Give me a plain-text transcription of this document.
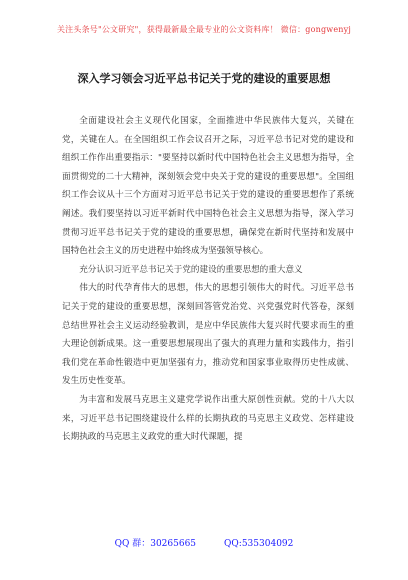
关注头条号"公文研究"，获得最新最全最专业的公文资料库！ 微信：gongwenyj
深入学习领会习近平总书记关于党的建设的重要思想

全面建设社会主义现代化国家，全面推进中华民族伟大复兴，关键在党，关键在人。在全国组织工作会议召开之际，习近平总书记对党的建设和组织工作作出重要指示："要坚持以新时代中国特色社会主义思想为指导，全面贯彻党的二十大精神，深刻领会党中央关于党的建设的重要思想"。全国组织工作会议从十三个方面对习近平总书记关于党的建设的重要思想作了系统阐述。我们要坚持以习近平新时代中国特色社会主义思想为指导，深入学习贯彻习近平总书记关于党的建设的重要思想，确保党在新时代坚持和发展中国特色社会主义的历史进程中始终成为坚强领导核心。

充分认识习近平总书记关于党的建设的重要思想的重大意义

伟大的时代孕育伟大的思想，伟大的思想引领伟大的时代。习近平总书记关于党的建设的重要思想，深刻回答管党治党、兴党强党时代答卷，深刻总结世界社会主义运动经验教训，是应中华民族伟大复兴时代要求而生的重大理论创新成果。这一重要思想展现出了强大的真理力量和实践伟力，指引我们党在革命性锻造中更加坚强有力，推动党和国家事业取得历史性成就、发生历史性变革。

为丰富和发展马克思主义建党学说作出重大原创性贡献。党的十八大以来，习近平总书记围绕建设什么样的长期执政的马克思主义政党、怎样建设长期执政的马克思主义政党的重大时代课题，提

QQ 群：30265665	QQ:535304092
